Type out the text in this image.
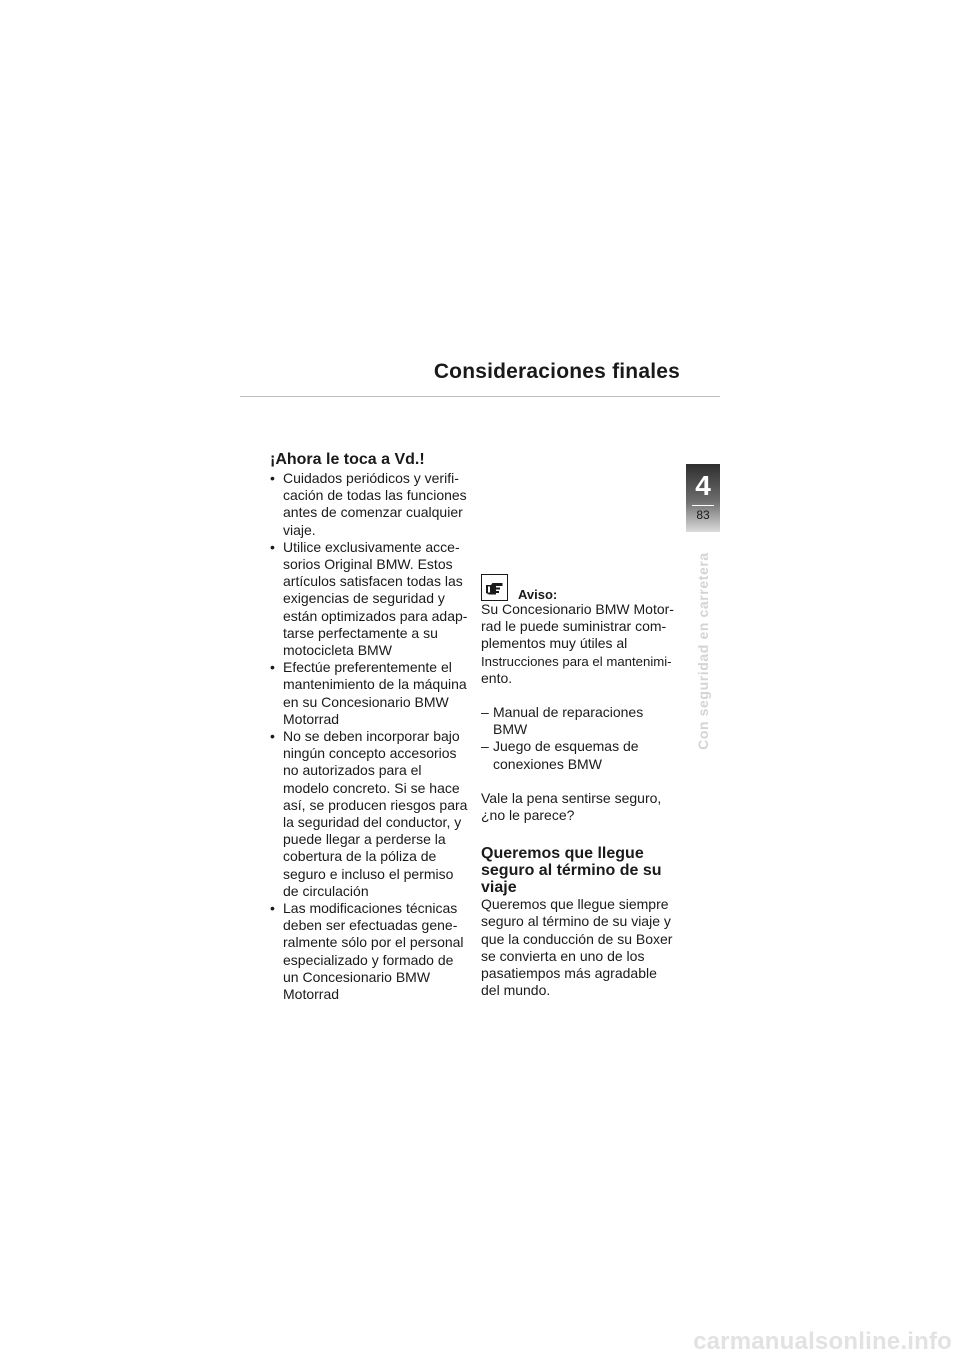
Consideraciones finales
¡Ahora le toca a Vd.!
• Cuidados periódicos y verifi-
cación de todas las funciones
antes de comenzar cualquier
viaje.
• Utilice exclusivamente acce-
sorios Original BMW. Estos
artículos satisfacen todas las
exigencias de seguridad y
están optimizados para adap-
tarse perfectamente a su
motocicleta BMW
• Efectúe preferentemente el
mantenimiento de la máquina
en su Concesionario BMW
Motorrad
• No se deben incorporar bajo
ningún concepto accesorios
no autorizados para el
modelo concreto. Si se hace
así, se producen riesgos para
la seguridad del conductor, y
puede llegar a perderse la
cobertura de la póliza de
seguro e incluso el permiso
de circulación
• Las modificaciones técnicas
deben ser efectuadas gene-
ralmente sólo por el personal
especializado y formado de
un Concesionario BMW
Motorrad
Aviso:

Su Concesionario BMW Motor-
rad le puede suministrar com-
plementos muy útiles al
Instrucciones para el mantenimi-
ento.

– Manual de reparaciones
BMW
– Juego de esquemas de
conexiones BMW

Vale la pena sentirse seguro,
¿no le parece?

Queremos que llegue
seguro al término de su
viaje

Queremos que llegue siempre
seguro al término de su viaje y
que la conducción de su Boxer
se convierta en uno de los
pasatiempos más agradable
del mundo.

4
83
Con seguridad en carretera
carmanualsonline.info
